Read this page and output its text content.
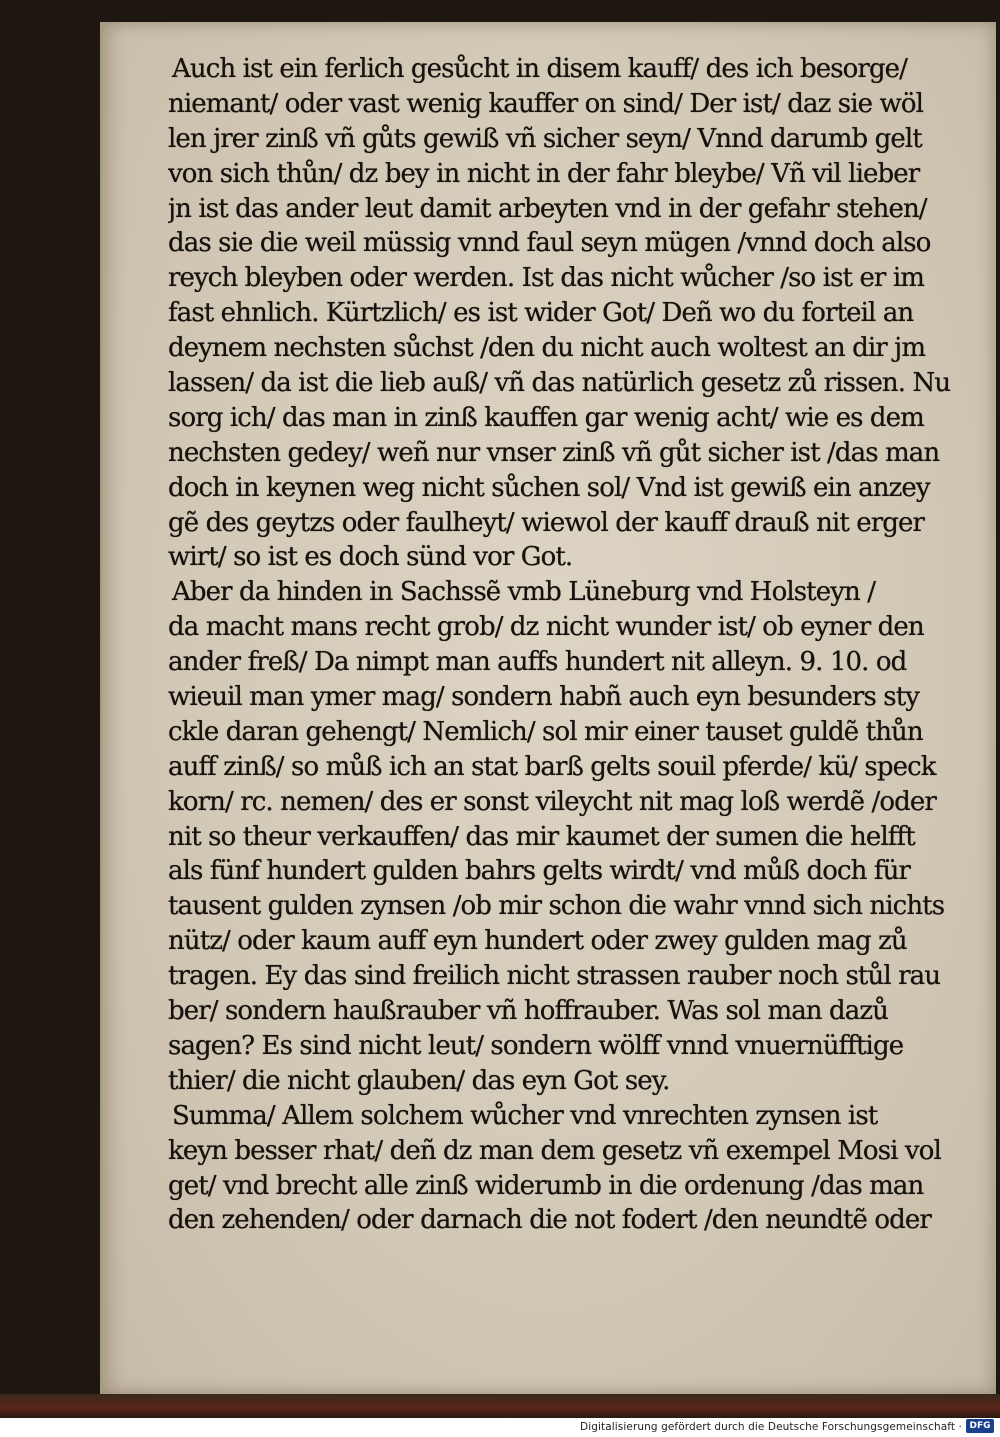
Auch ist ein ferlich gesůcht in disem kauff/ des ich besorge/
niemant/ oder vast wenig kauffer on sind/ Der ist/ daz sie wöl
len jrer zinß vñ gůts gewiß vñ sicher seyn/ Vnnd darumb gelt
von sich thůn/ dz bey in nicht in der fahr bleybe/ Vñ vil lieber
jn ist das ander leut damit arbeyten vnd in der gefahr stehen/
das sie die weil müssig vnnd faul seyn mügen /vnnd doch also
reych bleyben oder werden. Ist das nicht wůcher /so ist er im
fast ehnlich. Kürtzlich/ es ist wider Got/ Deñ wo du forteil an
deynem nechsten sůchst /den du nicht auch woltest an dir jm
lassen/ da ist die lieb auß/ vñ das natürlich gesetz zů rissen. Nu
sorg ich/ das man in zinß kauffen gar wenig acht/ wie es dem
nechsten gedey/ weñ nur vnser zinß vñ gůt sicher ist /das man
doch in keynen weg nicht sůchen sol/ Vnd ist gewiß ein anzey
gẽ des geytzs oder faulheyt/ wiewol der kauff drauß nit erger
wirt/ so ist es doch sünd vor Got.
Aber da hinden in Sachssẽ vmb Lüneburg vnd Holsteyn /
da macht mans recht grob/ dz nicht wunder ist/ ob eyner den
ander freß/ Da nimpt man auffs hundert nit alleyn. 9. 10. od
wieuil man ymer mag/ sondern habñ auch eyn besunders sty
ckle daran gehengt/ Nemlich/ sol mir einer tauset guldẽ thůn
auff zinß/ so můß ich an stat barß gelts souil pferde/ kü/ speck
korn/ rc. nemen/ des er sonst vileycht nit mag loß werdẽ /oder
nit so theur verkauffen/ das mir kaumet der sumen die helfft
als fünf hundert gulden bahrs gelts wirdt/ vnd můß doch für
tausent gulden zynsen /ob mir schon die wahr vnnd sich nichts
nütz/ oder kaum auff eyn hundert oder zwey gulden mag zů
tragen. Ey das sind freilich nicht strassen rauber noch stůl rau
ber/ sondern haußrauber vñ hoffrauber. Was sol man dazů
sagen? Es sind nicht leut/ sondern wölff vnnd vnuernüfftige
thier/ die nicht glauben/ das eyn Got sey.
Summa/ Allem solchem wůcher vnd vnrechten zynsen ist
keyn besser rhat/ deñ dz man dem gesetz vñ exempel Mosi vol
get/ vnd brecht alle zinß widerumb in die ordenung /das man
den zehenden/ oder darnach die not fodert /den neundtẽ oder
Digitalisierung gefördert durch die Deutsche Forschungsgemeinschaft · DFG
